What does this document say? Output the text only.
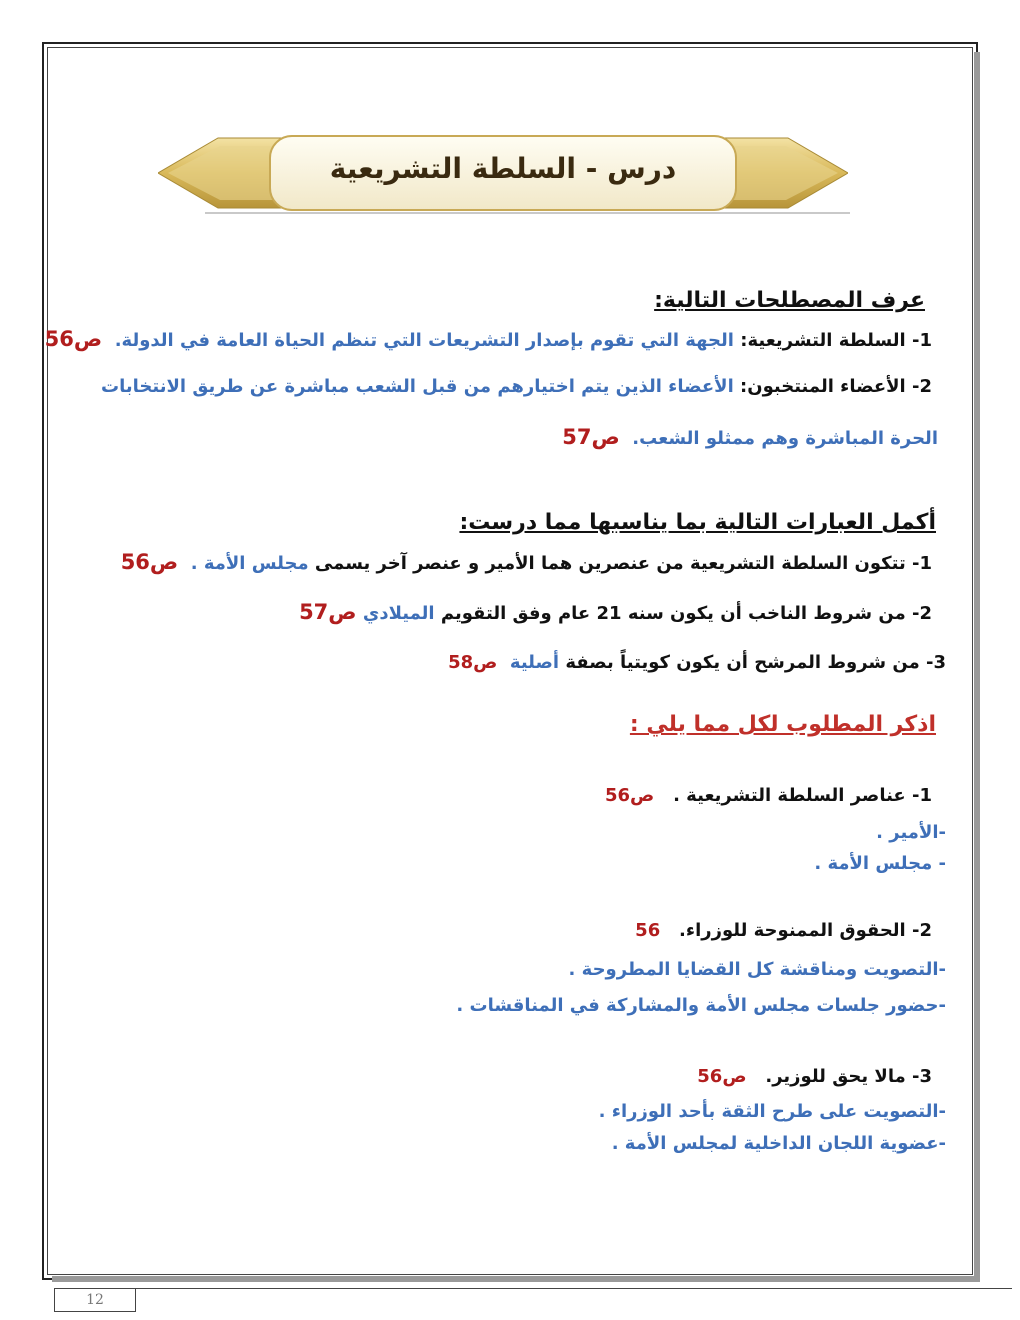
درس - السلطة التشريعية
عرف المصطلحات التالية:
1- السلطة التشريعية: الجهة التي تقوم بإصدار التشريعات التي تنظم الحياة العامة في الدولة.  ص56
2- الأعضاء المنتخبون: الأعضاء الذين يتم اختيارهم من قبل الشعب مباشرة عن طريق الانتخابات
الحرة المباشرة وهم ممثلو الشعب.  ص57
أكمل العبارات التالية بما يناسبها مما درست:
1- تتكون السلطة التشريعية من عنصرين هما الأمير و عنصر آخر يسمى مجلس الأمة .  ص56
2- من شروط الناخب أن يكون سنه 21 عام وفق التقويم الميلادي ص57
3- من شروط المرشح أن يكون كويتياً بصفة أصلية  ص58
اذكر المطلوب لكل مما يلي :
1- عناصر السلطة التشريعية .   ص56
-الأمير .
- مجلس الأمة .
2- الحقوق الممنوحة للوزراء.   56
-التصويت ومناقشة كل القضايا المطروحة .
-حضور جلسات مجلس الأمة والمشاركة في المناقشات .
3- مالا يحق للوزير.   ص56
-التصويت على طرح الثقة بأحد الوزراء .
-عضوية اللجان الداخلية لمجلس الأمة .
12
